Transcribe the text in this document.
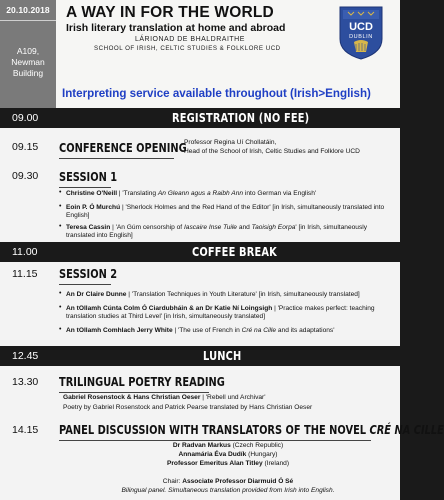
A WAY IN FOR THE WORLD
Irish literary translation at home and abroad
LÁRIONAD DE BHALDRAITHE
SCHOOL OF IRISH, CELTIC STUDIES & FOLKLORE UCD
UCD
DUBLIN
20.10.2018
A109,
Newman
Building
Interpreting service available throughout (Irish>English)
09.00	REGISTRATION (NO FEE)
09.15 CONFERENCE OPENING
Professor Regina Uí Chollatáin,
Head of the School of Irish, Celtic Studies and Folklore UCD
09.30 SESSION 1
• Christine O'Neill | 'Translating An Gleann agus a Raibh Ann into German via English'
• Eoin P. Ó Murchú | 'Sherlock Holmes and the Red Hand of the Editor' [in Irish, simultaneously translated into English]
• Teresa Cassin | 'An Gúm censorship of Iascaire Inse Tuile and Taoisigh Eorpa' [in Irish, simultaneously translated into English]
11.00	COFFEE BREAK
11.15 SESSION 2
• An Dr Claire Dunne | 'Translation Techniques in Youth Literature' [in Irish, simultaneously translated]
• An tOllamh Cúnta Colm Ó Ciardubháin & an Dr Katie Ní Loingsigh | 'Practice makes perfect: teaching translation studies at Third Level' [in Irish, simultaneously translated]
• An tOllamh Comhlach Jerry White | 'The use of French in Cré na Cille and its adaptations'
12.45	LUNCH
13.30 TRILINGUAL POETRY READING
Gabriel Rosenstock & Hans Christian Oeser | 'Rebell und Archivar'
Poetry by Gabriel Rosenstock and Patrick Pearse translated by Hans Christian Oeser
14.15 PANEL DISCUSSION WITH TRANSLATORS OF THE NOVEL CRÉ NA CILLE
Dr Radvan Markus (Czech Republic)
Annamária Éva Dudík (Hungary)
Professor Emeritus Alan Titley (Ireland)
Chair: Associate Professor Diarmuid Ó Sé
Bilingual panel. Simultaneous translation provided from Irish into English.
